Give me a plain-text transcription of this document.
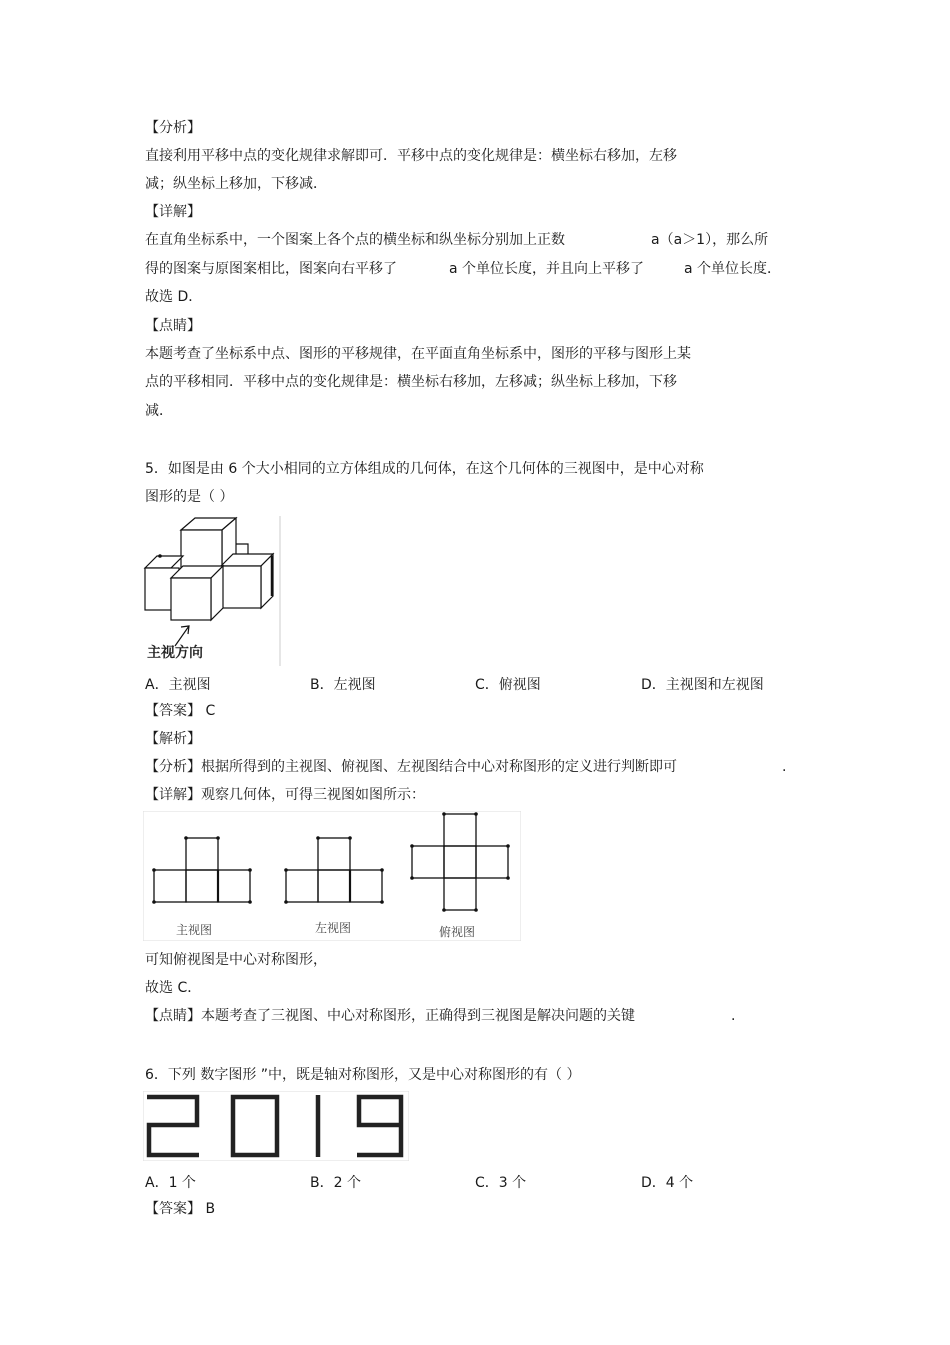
【分析】
直接利用平移中点的变化规律求解即可．平移中点的变化规律是：横坐标右移加，左移
减；纵坐标上移加，下移减．
【详解】
在直角坐标系中，一个图案上各个点的横坐标和纵坐标分别加上正数	a（a＞1），那么所
得的图案与原图案相比，图案向右平移了	a 个单位长度，并且向上平移了	a 个单位长度．
故选 D．
【点睛】
本题考查了坐标系中点、图形的平移规律，在平面直角坐标系中，图形的平移与图形上某
点的平移相同．平移中点的变化规律是：横坐标右移加，左移减；纵坐标上移加，下移
减．
5．如图是由 6 个大小相同的立方体组成的几何体，在这个几何体的三视图中，是中心对称
图形的是（ ）
主视方向
A．主视图	B．左视图	C．俯视图	D．主视图和左视图
【答案】 C
【解析】
【分析】根据所得到的主视图、俯视图、左视图结合中心对称图形的定义进行判断即可	.
【详解】观察几何体，可得三视图如图所示：
主视图	左视图	俯视图
可知俯视图是中心对称图形，
故选 C．
【点睛】本题考查了三视图、中心对称图形，正确得到三视图是解决问题的关键	.
6．下列 数字图形 ”中，既是轴对称图形，又是中心对称图形的有（ ）
A．1 个	B．2 个	C．3 个	D．4 个
【答案】 B
